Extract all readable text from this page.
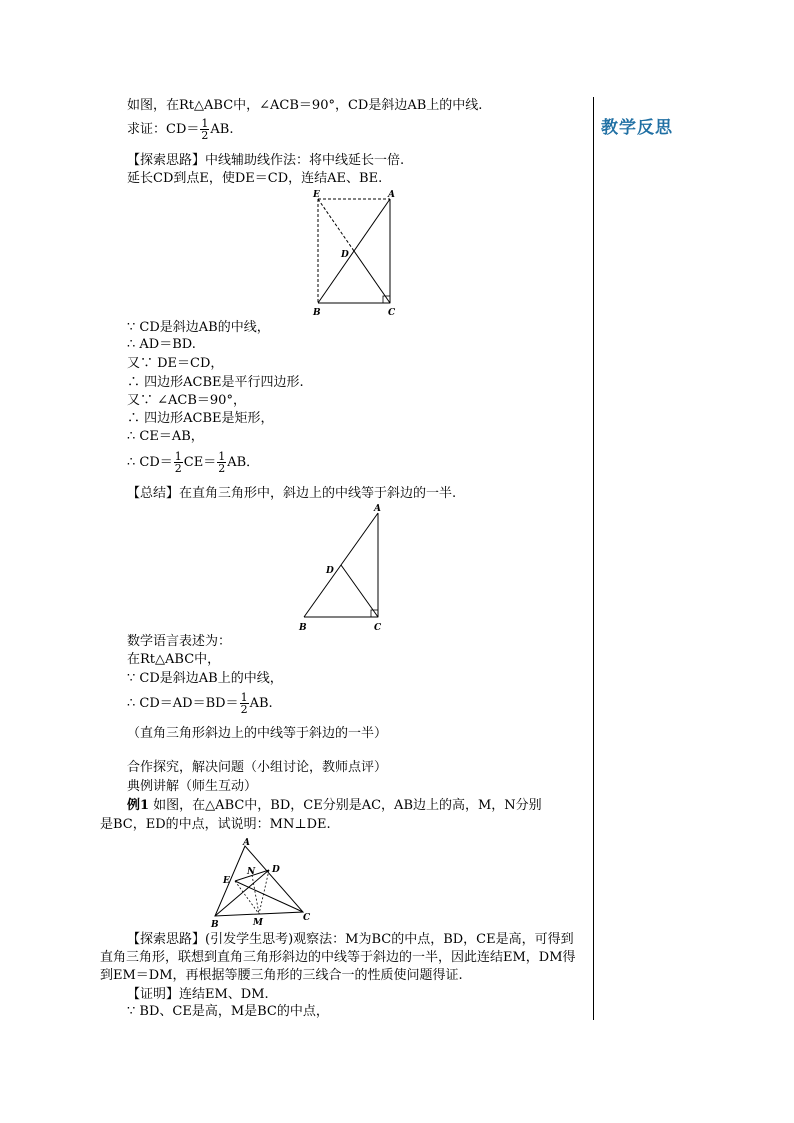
教学反思
如图，在Rt△ABC中，∠ACB＝90°，CD是斜边AB上的中线.
求证：$CD= \frac{1}{2}$ AB.
【探索思路】中线辅助线作法：将中线延长一倍.
延长CD到点E，使DE＝CD，连结AE、BE.
E	A
D
B	C
∵ CD是斜边AB的中线，
∴ AD＝BD.
又∵ DE＝CD，
∴ 四边形ACBE是平行四边形.
又∵ ∠ACB＝90°，
∴ 四边形ACBE是矩形，
∴ CE＝AB，
∴ $CD= \frac{1}{2} CE= \frac{1}{2}$ AB．
【总结】在直角三角形中，斜边上的中线等于斜边的一半.
A
D
B	C
数学语言表述为：
在Rt△ABC中，
∵ CD是斜边AB上的中线，
∴ $CD=AD=BD= \frac{1}{2}$ AB.
（直角三角形斜边上的中线等于斜边的一半）
合作探究，解决问题（小组讨论，教师点评）
典例讲解（师生互动）
例1 如图，在△ABC中，BD，CE分别是AC，AB边上的高，M，N分别
是BC，ED的中点，试说明：MN⊥DE.
A
D
E
N
B	M	C
【探索思路】(引发学生思考)观察法：M为BC的中点，BD，CE是高，可得到
直角三角形，联想到直角三角形斜边的中线等于斜边的一半，因此连结EM，DM得
到EM＝DM，再根据等腰三角形的三线合一的性质使问题得证.
【证明】连结EM、DM.
∵ BD、CE是高，M是BC的中点，
